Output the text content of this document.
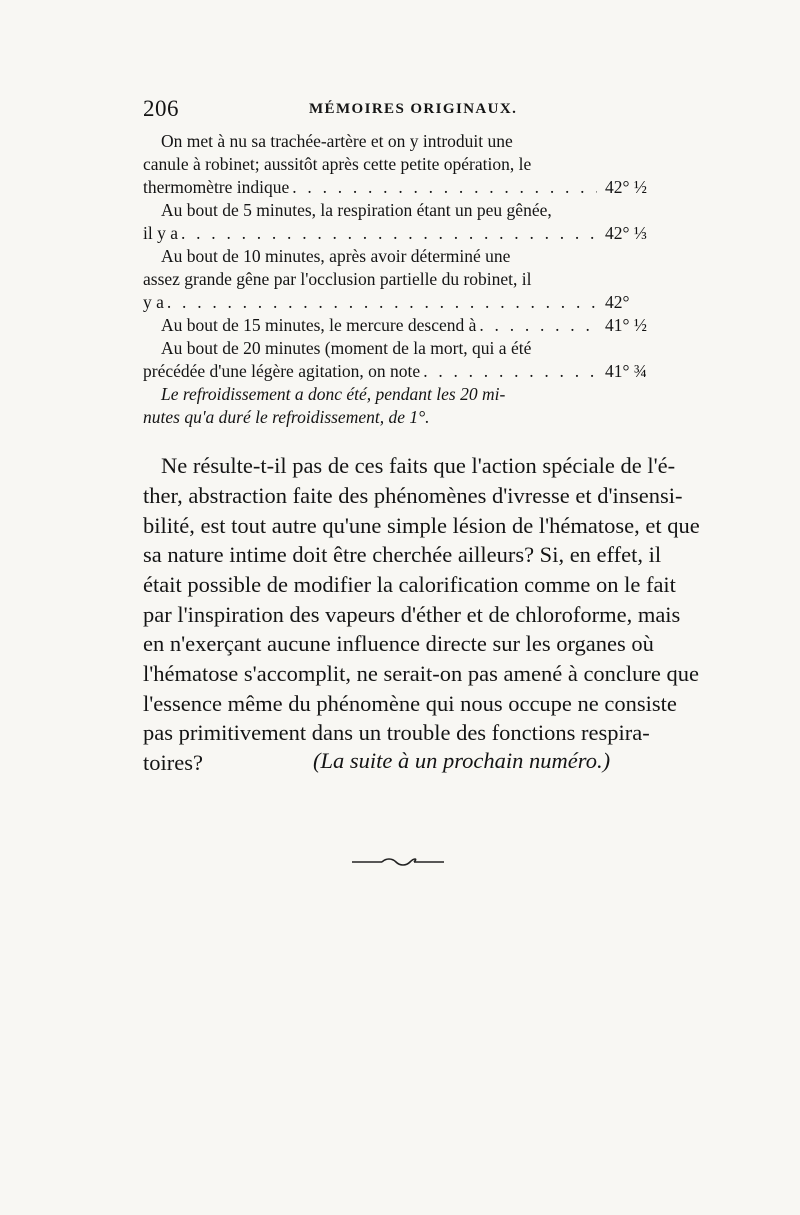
206	MÉMOIRES ORIGINAUX.
On met à nu sa trachée-artère et on y introduit une
canule à robinet; aussitôt après cette petite opération, le
thermomètre indique . . .	42° ½
Au bout de 5 minutes, la respiration étant un peu gênée,
il y a . . .	42° ⅓
Au bout de 10 minutes, après avoir déterminé une
assez grande gêne par l'occlusion partielle du robinet, il
y a . . .	42°
Au bout de 15 minutes, le mercure descend à . . .	41° ½
Au bout de 20 minutes (moment de la mort, qui a été
précédée d'une légère agitation, on note . . .	41° ¾
Le refroidissement a donc été, pendant les 20 mi-
nutes qu'a duré le refroidissement, de 1°.
Ne résulte-t-il pas de ces faits que l'action spéciale de l'é-
ther, abstraction faite des phénomènes d'ivresse et d'insensi-
bilité, est tout autre qu'une simple lésion de l'hématose, et que
sa nature intime doit être cherchée ailleurs? Si, en effet, il
était possible de modifier la calorification comme on le fait
par l'inspiration des vapeurs d'éther et de chloroforme, mais
en n'exerçant aucune influence directe sur les organes où
l'hématose s'accomplit, ne serait-on pas amené à conclure que
l'essence même du phénomène qui nous occupe ne consiste
pas primitivement dans un trouble des fonctions respira-
toires?	(La suite à un prochain numéro.)
